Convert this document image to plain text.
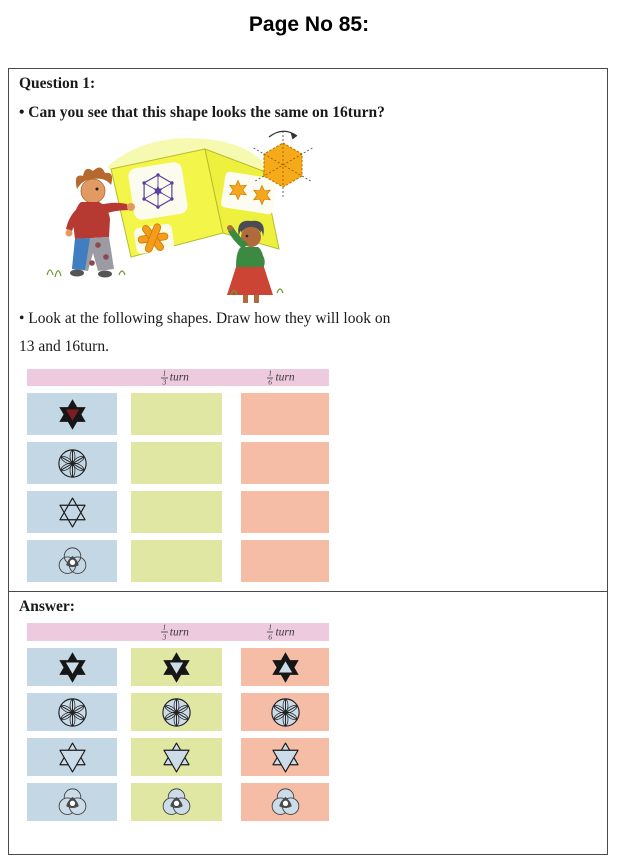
Page No 85:
Question 1:
• Can you see that this shape looks the same on 16turn?
• Look at the following shapes. Draw how they will look on
13 and 16turn.
$\frac{1}{3}$ turn	$\frac{1}{6}$ turn
Answer:
$\frac{1}{3}$ turn	$\frac{1}{6}$ turn
